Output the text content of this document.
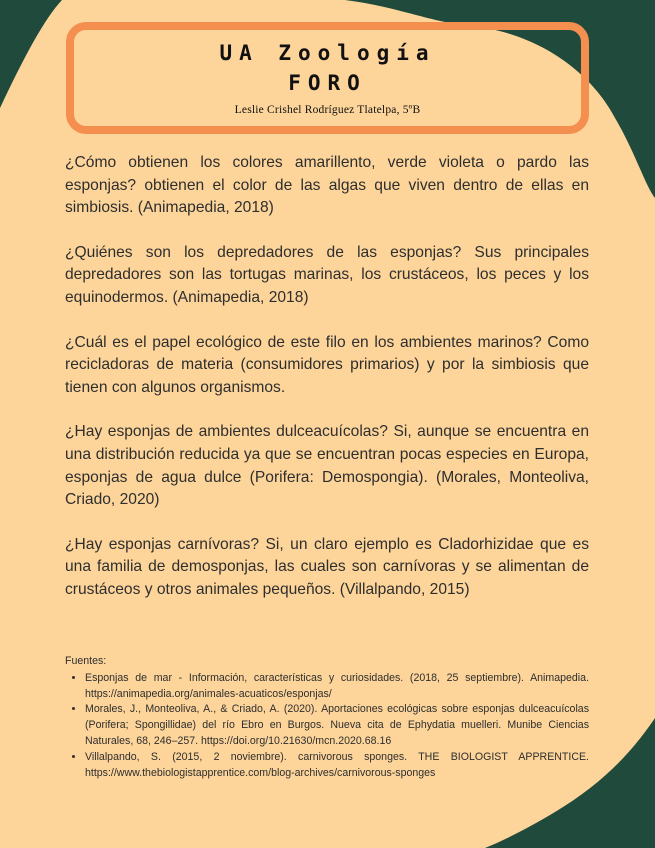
UA Zoología
FORO
Leslie Crishel Rodríguez Tlatelpa, 5ºB

¿Cómo obtienen los colores amarillento, verde violeta o pardo las esponjas? obtienen el color de las algas que viven dentro de ellas en simbiosis. (Animapedia, 2018)

¿Quiénes son los depredadores de las esponjas? Sus principales depredadores son las tortugas marinas, los crustáceos, los peces y los equinodermos. (Animapedia, 2018)

¿Cuál es el papel ecológico de este filo en los ambientes marinos? Como recicladoras de materia (consumidores primarios) y por la simbiosis que tienen con algunos organismos.

¿Hay esponjas de ambientes dulceacuícolas? Si, aunque se encuentra en una distribución reducida ya que se encuentran pocas especies en Europa, esponjas de agua dulce (Porifera: Demospongia). (Morales, Monteoliva, Criado, 2020)

¿Hay esponjas carnívoras? Si, un claro ejemplo es Cladorhizidae que es una familia de demosponjas, las cuales son carnívoras y se alimentan de crustáceos y otros animales pequeños. (Villalpando, 2015)

Fuentes:
• Esponjas de mar - Información, características y curiosidades. (2018, 25 septiembre). Animapedia. https://animapedia.org/animales-acuaticos/esponjas/
• Morales, J., Monteoliva, A., & Criado, A. (2020). Aportaciones ecológicas sobre esponjas dulceacuícolas (Porifera; Spongillidae) del río Ebro en Burgos. Nueva cita de Ephydatia muelleri. Munibe Ciencias Naturales, 68, 246–257. https://doi.org/10.21630/mcn.2020.68.16
• Villalpando, S. (2015, 2 noviembre). carnivorous sponges. THE BIOLOGIST APPRENTICE. https://www.thebiologistapprentice.com/blog-archives/carnivorous-sponges
